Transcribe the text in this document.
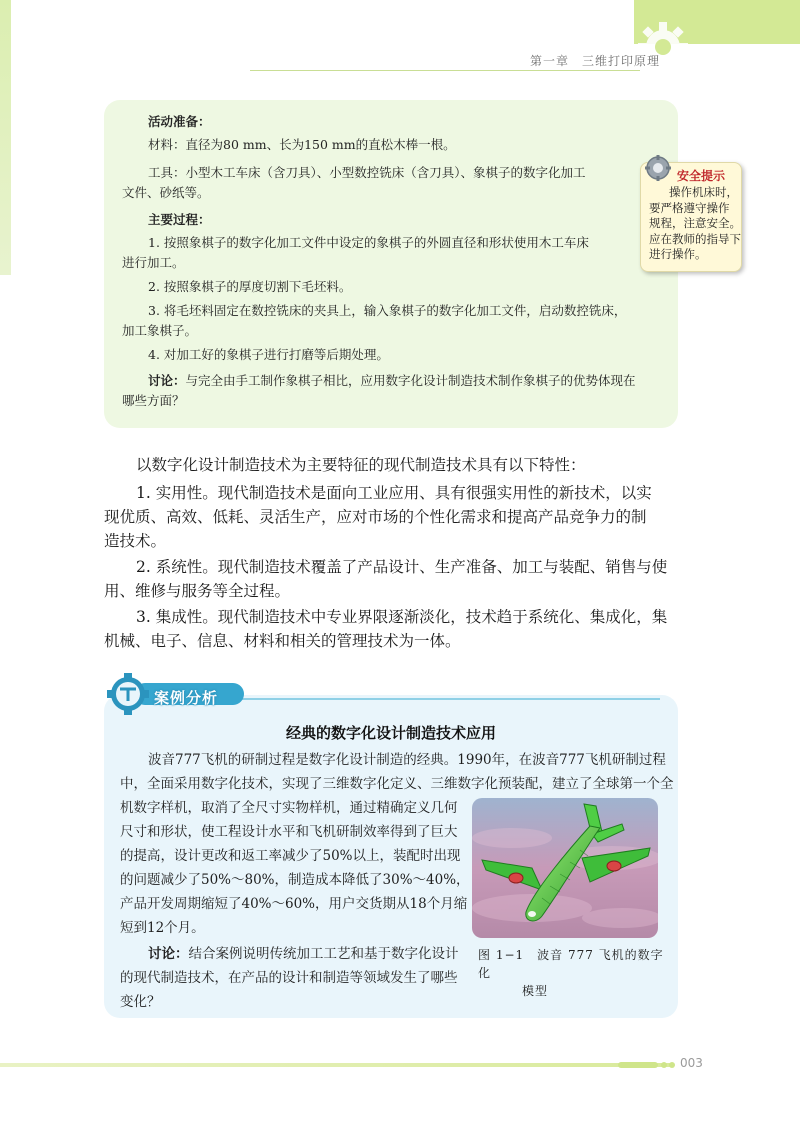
第一章　三维打印原理
活动准备：
材料：直径为80 mm、长为150 mm的直松木棒一根。
工具：小型木工车床（含刀具）、小型数控铣床（含刀具）、象棋子的数字化加工
文件、砂纸等。
主要过程：
1. 按照象棋子的数字化加工文件中设定的象棋子的外圆直径和形状使用木工车床
进行加工。
2. 按照象棋子的厚度切割下毛坯料。
3. 将毛坯料固定在数控铣床的夹具上，输入象棋子的数字化加工文件，启动数控铣床，
加工象棋子。
4. 对加工好的象棋子进行打磨等后期处理。
讨论：与完全由手工制作象棋子相比，应用数字化设计制造技术制作象棋子的优势体现在
哪些方面？
安全提示
操作机床时，
要严格遵守操作
规程，注意安全。
应在教师的指导下
进行操作。
以数字化设计制造技术为主要特征的现代制造技术具有以下特性：
1. 实用性。现代制造技术是面向工业应用、具有很强实用性的新技术，以实
现优质、高效、低耗、灵活生产，应对市场的个性化需求和提高产品竞争力的制
造技术。
2. 系统性。现代制造技术覆盖了产品设计、生产准备、加工与装配、销售与使
用、维修与服务等全过程。
3. 集成性。现代制造技术中专业界限逐渐淡化，技术趋于系统化、集成化，集
机械、电子、信息、材料和相关的管理技术为一体。
案例分析
经典的数字化设计制造技术应用
波音777飞机的研制过程是数字化设计制造的经典。1990年，在波音777飞机研制过程
中，全面采用数字化技术，实现了三维数字化定义、三维数字化预装配，建立了全球第一个全
机数字样机，取消了全尺寸实物样机，通过精确定义几何
尺寸和形状，使工程设计水平和飞机研制效率得到了巨大
的提高，设计更改和返工率减少了50%以上，装配时出现
的问题减少了50%～80%，制造成本降低了30%～40%，
产品开发周期缩短了40%～60%，用户交货期从18个月缩
短到12个月。
讨论：结合案例说明传统加工工艺和基于数字化设计
的现代制造技术，在产品的设计和制造等领域发生了哪些
变化？
图 1−1　波音 777 飞机的数字化
模型
003
